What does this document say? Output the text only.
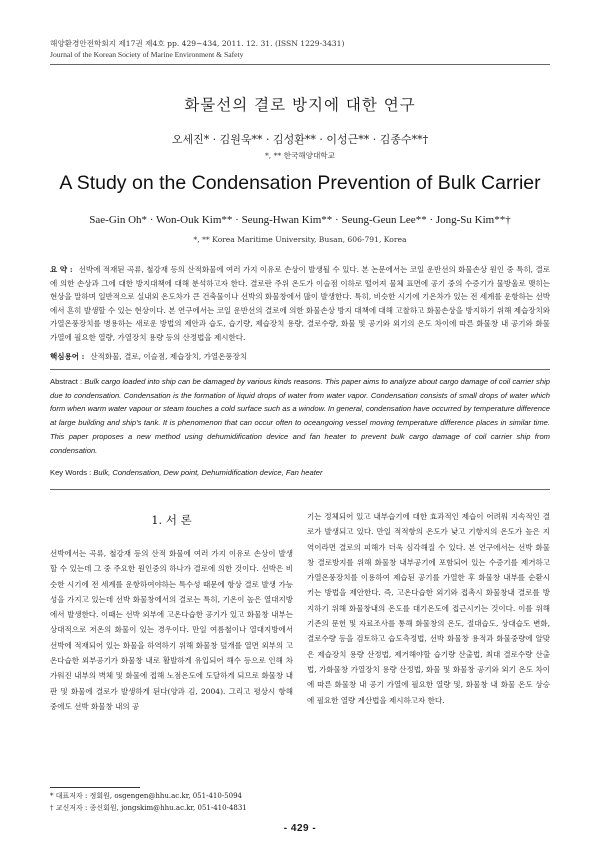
해양환경안전학회지 제17권 제4호 pp. 429~434, 2011. 12. 31. (ISSN 1229-3431)
Journal of the Korean Society of Marine Environment & Safety
화물선의 결로 방지에 대한 연구
오세진* · 김원욱** · 김성환** · 이성근** · 김종수**†
*, ** 한국해양대학교
A Study on the Condensation Prevention of Bulk Carrier
Sae-Gin Oh* · Won-Ouk Kim** · Seung-Hwan Kim** · Seung-Geun Lee** · Jong-Su Kim**†
*, ** Korea Maritime University, Busan, 606-791, Korea
요 약 : 선박에 적재된 곡류, 철강재 등의 산적화물에 여러 가지 이유로 손상이 발생될 수 있다. 본 논문에서는 코일 운반선의 화물손상 원인 중 특히, 결로에 의한 손상과 그에 대한 방지대책에 대해 분석하고자 한다. 결로란 주위 온도가 이슬점 이하로 떨어져 물체 표면에 공기 중의 수증기가 물방울로 맺히는 현상을 말하며 일반적으로 실내외 온도차가 큰 건축물이나 선박의 화물창에서 많이 발생한다. 특히, 비슷한 시기에 기온차가 있는 전 세계를 운항하는 선박에서 흔히 발생할 수 있는 현상이다. 본 연구에서는 코일 운반선의 결로에 의한 화물손상 방지 대책에 대해 고찰하고 화물손상을 방지하기 위해 제습장치와 가열온풍장치를 병용하는 새로운 방법의 제안과 습도, 습기량, 제습장치 용량, 결로수량, 화물 및 공기와 외기의 온도 차이에 따른 화물창 내 공기와 화물 가열에 필요한 열량, 가열장치 용량 등의 산정법을 제시한다.
핵심용어 : 산적화물, 결로, 이슬점, 제습장치, 가열온풍장치
Abstract : Bulk cargo loaded into ship can be damaged by various kinds reasons. This paper aims to analyze about cargo damage of coil carrier ship due to condensation. Condensation is the formation of liquid drops of water from water vapor. Condensation consists of small drops of water which form when warm water vapour or steam touches a cold surface such as a window. In general, condensation have occurred by temperature difference at large building and ship's tank. It is phenomenon that can occur often to oceangoing vessel moving temperature difference places in similar time. This paper proposes a new method using dehumidification device and fan heater to prevent bulk cargo damage of coil carrier ship from condensation.
Key Words : Bulk, Condensation, Dew point, Dehumidification device, Fan heater
1. 서 론

선박에서는 곡류, 철강재 등의 산적 화물에 여러 가지 이유로 손상이 발생할 수 있는데 그 중 주요한 원인중의 하나가 결로에 의한 것이다. 선박은 비슷한 시기에 전 세계를 운항하여야하는 특수성 때문에 항상 결로 발생 가능성을 가지고 있는데 선박 화물창에서의 결로는 특히, 기온이 높은 열대지방에서 발생한다. 이때는 선박 외부에 고온다습한 공기가 있고 화물창 내부는 상대적으로 저온의 화물이 있는 경우이다. 만일 여름철이나 열대지방에서 선박에 적재되어 있는 화물을 하역하기 위해 화물창 덮개를 열면 외부의 고온다습한 외부공기가 화물창 내로 활발하게 유입되어 해수 등으로 인해 차가워진 내부의 벽체 및 화물에 접해 노점온도에 도달하게 되므로 화물창 내판 및 화물에 결로가 발생하게 된다(양과 김, 2004). 그리고 평상시 항해 중에도 선박 화물창 내의 공

기는 정체되어 있고 내부습기에 대한 효과적인 제습이 어려워 지속적인 결로가 발생되고 있다. 만일 적적항의 온도가 낮고 기항지의 온도가 높은 지역이라면 결로의 피해가 더욱 심각해질 수 있다. 본 연구에서는 선박 화물창 결로방지를 위해 화물창 내부공기에 포함되어 있는 수증기를 제거하고 가열온풍장치를 이용하여 제습된 공기를 가열한 후 화물창 내부를 순환시키는 방법을 제안한다. 즉, 고온다습한 외기와 접촉시 화물창내 결로를 방지하기 위해 화물창내의 온도를 대기온도에 접근시키는 것이다. 이를 위해 기존의 문헌 및 자료조사를 통해 화물창의 온도, 절대습도, 상대습도 변화, 결로수량 등을 검토하고 습도측정법, 선박 화물창 용적과 화물중량에 알맞은 제습장치 용량 산정법, 제거해야할 습기량 산출법, 최대 결로수량 산출법, 가화물창 가열장치 용량 산정법, 화물 및 화물창 공기와 외기 온도 차이에 따른 화물창 내 공기 가열에 필요한 열량 및, 화물창 내 화물 온도 상승에 필요한 열량 계산법을 제시하고자 한다.

* 대표저자 : 정회원, osgengen@hhu.ac.kr, 051-410-5094
† 교신저자 : 종신회원, jongskim@hhu.ac.kr, 051-410-4831
- 429 -
